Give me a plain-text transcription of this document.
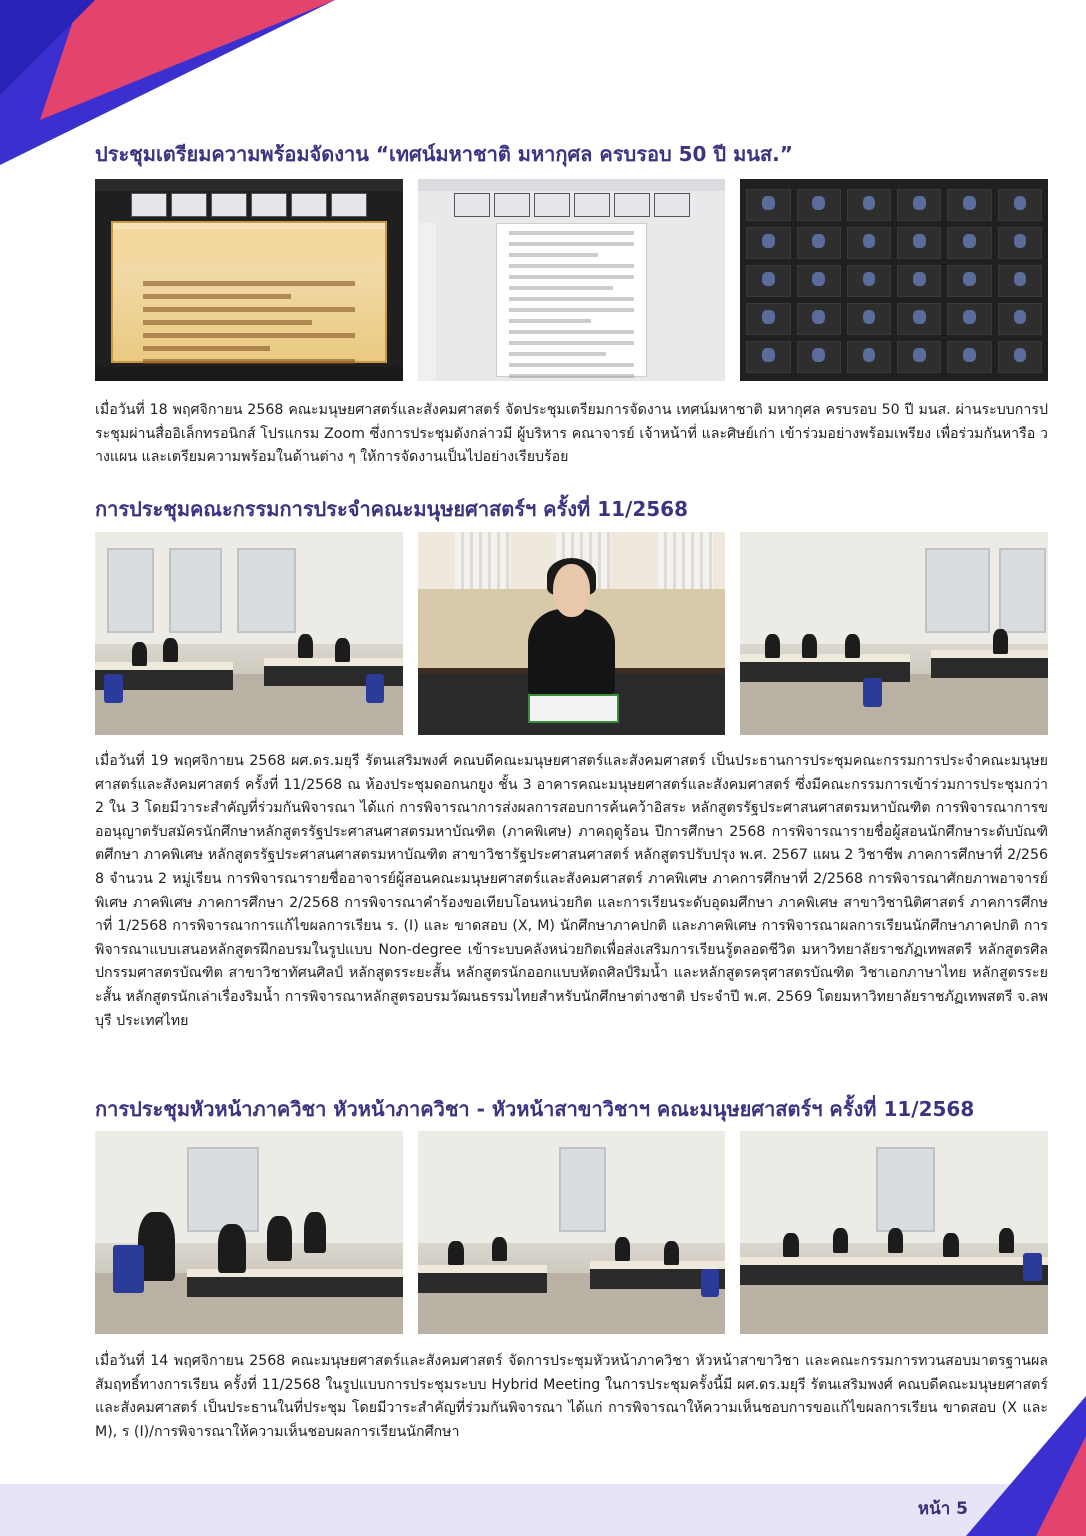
หน้า 5
ประชุมเตรียมความพร้อมจัดงาน “เทศน์มหาชาติ มหากุศล ครบรอบ 50 ปี มนส.”

เมื่อวันที่ 18 พฤศจิกายน 2568 คณะมนุษยศาสตร์และสังคมศาสตร์ จัดประชุมเตรียมการจัดงาน เทศน์มหาชาติ มหากุศล ครบรอบ 50 ปี มนส. ผ่านระบบการประชุมผ่านสื่ออิเล็กทรอนิกส์ โปรแกรม Zoom ซึ่งการประชุมดังกล่าวมี ผู้บริหาร คณาจารย์ เจ้าหน้าที่ และศิษย์เก่า เข้าร่วมอย่างพร้อมเพรียง เพื่อร่วมกันหารือ วางแผน และเตรียมความพร้อมในด้านต่าง ๆ ให้การจัดงานเป็นไปอย่างเรียบร้อย

การประชุมคณะกรรมการประจำคณะมนุษยศาสตร์ฯ ครั้งที่ 11/2568

เมื่อวันที่ 19 พฤศจิกายน 2568 ผศ.ดร.มยุรี รัตนเสริมพงศ์ คณบดีคณะมนุษยศาสตร์และสังคมศาสตร์ เป็นประธานการประชุมคณะกรรมการประจำคณะมนุษยศาสตร์และสังคมศาสตร์ ครั้งที่ 11/2568 ณ ห้องประชุมดอกนกยูง ชั้น 3 อาคารคณะมนุษยศาสตร์และสังคมศาสตร์ ซึ่งมีคณะกรรมการเข้าร่วมการประชุมกว่า 2 ใน 3 โดยมีวาระสำคัญที่ร่วมกันพิจารณา ได้แก่ การพิจารณาการส่งผลการสอบการค้นคว้าอิสระ หลักสูตรรัฐประศาสนศาสตรมหาบัณฑิต การพิจารณาการขออนุญาตรับสมัครนักศึกษาหลักสูตรรัฐประศาสนศาสตรมหาบัณฑิต (ภาคพิเศษ) ภาคฤดูร้อน ปีการศึกษา 2568 การพิจารณารายชื่อผู้สอนนักศึกษาระดับบัณฑิตศึกษา ภาคพิเศษ หลักสูตรรัฐประศาสนศาสตรมหาบัณฑิต สาขาวิชารัฐประศาสนศาสตร์ หลักสูตรปรับปรุง พ.ศ. 2567 แผน 2 วิชาชีพ ภาคการศึกษาที่ 2/2568 จำนวน 2 หมู่เรียน การพิจารณารายชื่ออาจารย์ผู้สอนคณะมนุษยศาสตร์และสังคมศาสตร์ ภาคพิเศษ ภาคการศึกษาที่ 2/2568 การพิจารณาศักยภาพอาจารย์พิเศษ ภาคพิเศษ ภาคการศึกษา 2/2568 การพิจารณาคำร้องขอเทียบโอนหน่วยกิต และการเรียนระดับอุดมศึกษา ภาคพิเศษ สาขาวิชานิติศาสตร์ ภาคการศึกษาที่ 1/2568 การพิจารณาการแก้ไขผลการเรียน ร. (I) และ ขาดสอบ (X, M) นักศึกษาภาคปกติ และภาคพิเศษ การพิจารณาผลการเรียนนักศึกษาภาคปกติ การพิจารณาแบบเสนอหลักสูตรฝึกอบรมในรูปแบบ Non-degree เข้าระบบคลังหน่วยกิตเพื่อส่งเสริมการเรียนรู้ตลอดชีวิต มหาวิทยาลัยราชภัฏเทพสตรี หลักสูตรศิลปกรรมศาสตรบัณฑิต สาขาวิชาทัศนศิลป์ หลักสูตรระยะสั้น หลักสูตรนักออกแบบหัตถศิลป์ริมน้ำ และหลักสูตรครุศาสตรบัณฑิต วิชาเอกภาษาไทย หลักสูตรระยะสั้น หลักสูตรนักเล่าเรื่องริมน้ำ การพิจารณาหลักสูตรอบรมวัฒนธรรมไทยสำหรับนักศึกษาต่างชาติ ประจำปี พ.ศ. 2569 โดยมหาวิทยาลัยราชภัฏเทพสตรี จ.ลพบุรี ประเทศไทย

การประชุมหัวหน้าภาควิชา หัวหน้าภาควิชา - หัวหน้าสาขาวิชาฯ คณะมนุษยศาสตร์ฯ ครั้งที่ 11/2568

เมื่อวันที่ 14 พฤศจิกายน 2568 คณะมนุษยศาสตร์และสังคมศาสตร์ จัดการประชุมหัวหน้าภาควิชา หัวหน้าสาขาวิชา และคณะกรรมการทวนสอบมาตรฐานผลสัมฤทธิ์ทางการเรียน ครั้งที่ 11/2568 ในรูปแบบการประชุมระบบ Hybrid Meeting ในการประชุมครั้งนี้มี ผศ.ดร.มยุรี รัตนเสริมพงศ์ คณบดีคณะมนุษยศาสตร์และสังคมศาสตร์ เป็นประธานในที่ประชุม โดยมีวาระสำคัญที่ร่วมกันพิจารณา ได้แก่ การพิจารณาให้ความเห็นชอบการขอแก้ไขผลการเรียน ขาดสอบ (X และ M), ร (I)/การพิจารณาให้ความเห็นชอบผลการเรียนนักศึกษา
